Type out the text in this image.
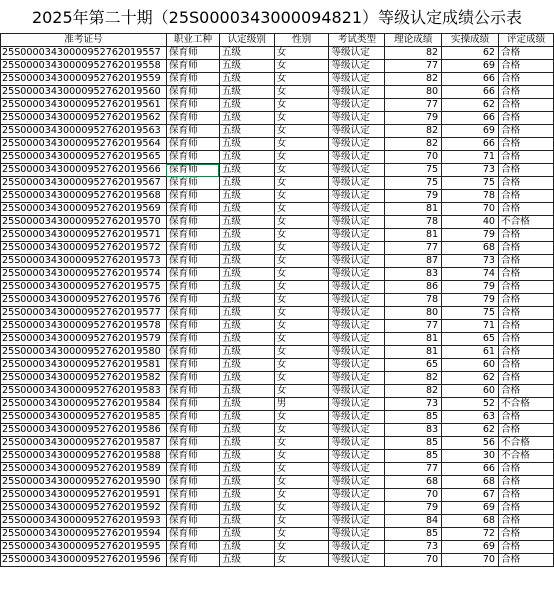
2025年第二十期（25S000034300009482​1）等级认定成绩公示表
准考证号	职业工种	认定级别	性别	考试类型	理论成绩	实操成绩	评定成绩
25S000034300009527620195​57	保育师	五级	女	等级认定	82	62	合格
25S000034300009527620195​58	保育师	五级	女	等级认定	77	69	合格
25S000034300009527620195​59	保育师	五级	女	等级认定	82	66	合格
25S000034300009527620195​60	保育师	五级	女	等级认定	80	66	合格
25S000034300009527620195​61	保育师	五级	女	等级认定	77	62	合格
25S000034300009527620195​62	保育师	五级	女	等级认定	79	66	合格
25S000034300009527620195​63	保育师	五级	女	等级认定	82	69	合格
25S000034300009527620195​64	保育师	五级	女	等级认定	82	66	合格
25S000034300009527620195​65	保育师	五级	女	等级认定	70	71	合格
25S000034300009527620195​66	保育师	五级	女	等级认定	75	73	合格
25S000034300009527620195​67	保育师	五级	女	等级认定	75	75	合格
25S000034300009527620195​68	保育师	五级	女	等级认定	79	78	合格
25S000034300009527620195​69	保育师	五级	女	等级认定	81	70	合格
25S000034300009527620195​70	保育师	五级	女	等级认定	78	40	不合格
25S000034300009527620195​71	保育师	五级	女	等级认定	81	79	合格
25S000034300009527620195​72	保育师	五级	女	等级认定	77	68	合格
25S000034300009527620195​73	保育师	五级	女	等级认定	87	73	合格
25S000034300009527620195​74	保育师	五级	女	等级认定	83	74	合格
25S000034300009527620195​75	保育师	五级	女	等级认定	86	79	合格
25S000034300009527620195​76	保育师	五级	女	等级认定	78	79	合格
25S000034300009527620195​77	保育师	五级	女	等级认定	80	75	合格
25S000034300009527620195​78	保育师	五级	女	等级认定	77	71	合格
25S000034300009527620195​79	保育师	五级	女	等级认定	81	65	合格
25S000034300009527620195​80	保育师	五级	女	等级认定	81	61	合格
25S000034300009527620195​81	保育师	五级	女	等级认定	65	60	合格
25S000034300009527620195​82	保育师	五级	女	等级认定	82	62	合格
25S000034300009527620195​83	保育师	五级	女	等级认定	82	60	合格
25S000034300009527620195​84	保育师	五级	男	等级认定	73	52	不合格
25S000034300009527620195​85	保育师	五级	女	等级认定	85	63	合格
25S000034300009527620195​86	保育师	五级	女	等级认定	83	62	合格
25S000034300009527620195​87	保育师	五级	女	等级认定	85	56	不合格
25S000034300009527620195​88	保育师	五级	女	等级认定	85	30	不合格
25S000034300009527620195​89	保育师	五级	女	等级认定	77	66	合格
25S000034300009527620195​90	保育师	五级	女	等级认定	68	68	合格
25S000034300009527620195​91	保育师	五级	女	等级认定	70	67	合格
25S000034300009527620195​92	保育师	五级	女	等级认定	79	69	合格
25S000034300009527620195​93	保育师	五级	女	等级认定	84	68	合格
25S000034300009527620195​94	保育师	五级	女	等级认定	85	72	合格
25S000034300009527620195​95	保育师	五级	女	等级认定	73	69	合格
25S000034300009527620195​96	保育师	五级	女	等级认定	70	70	合格
